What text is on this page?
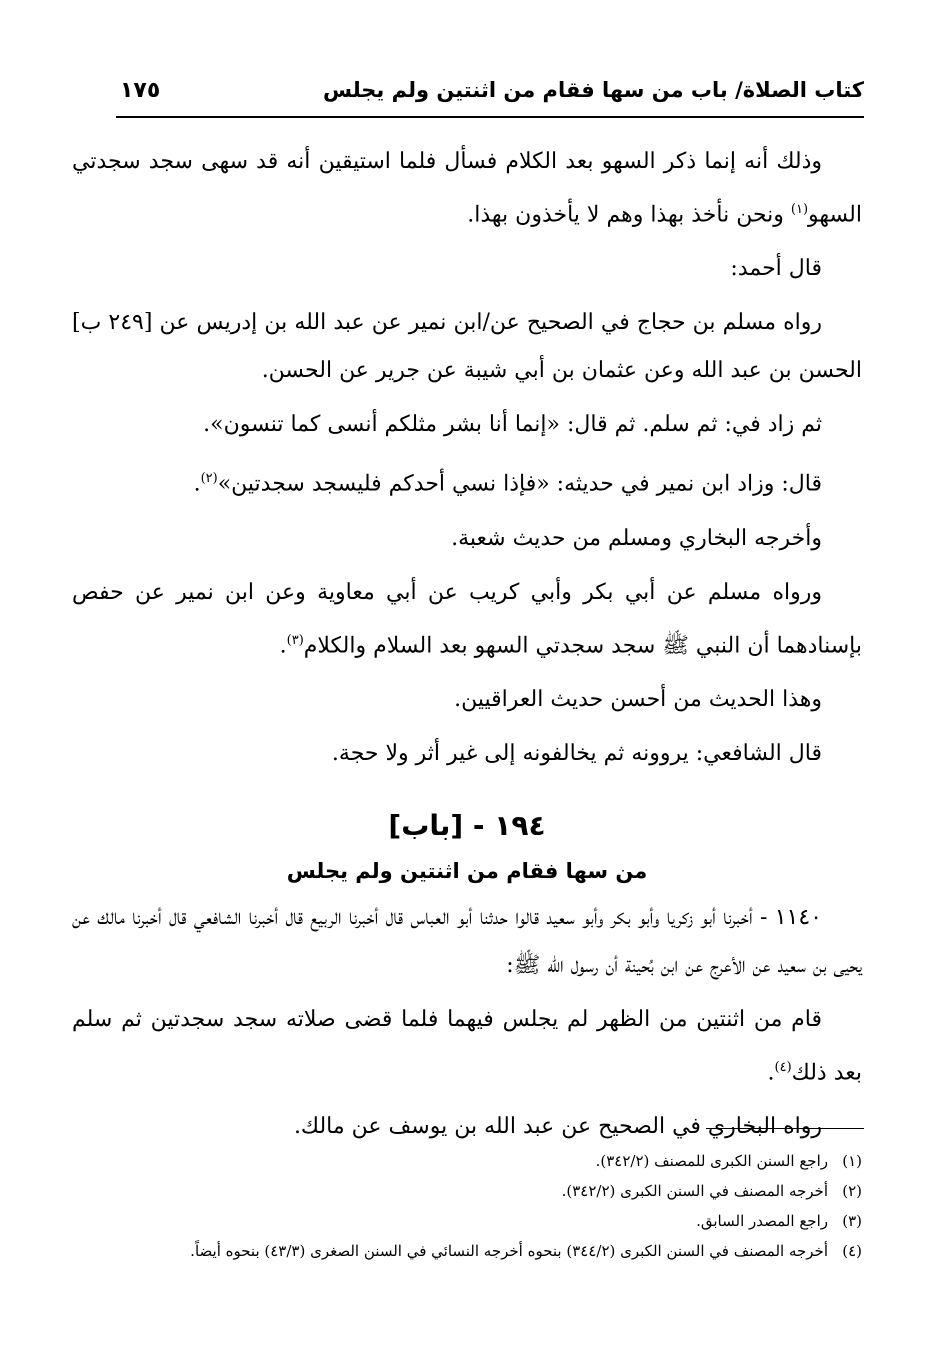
كتاب الصلاة/ باب من سها فقام من اثنتين ولم يجلس
١٧٥

وذلك أنه إنما ذكر السهو بعد الكلام فسأل فلما استيقين أنه قد سهى سجد سجدتي السهو$^{(١)}$ ونحن نأخذ بهذا وهم لا يأخذون بهذا.

قال أحمد:

رواه مسلم بن حجاج في الصحيح عن/ابن نمير عن عبد الله بن إدريس عن [٢٤٩ ب] الحسن بن عبد الله وعن عثمان بن أبي شيبة عن جرير عن الحسن.

ثم زاد في: ثم سلم. ثم قال: «إنما أنا بشر مثلكم أنسى كما تنسون».

قال: وزاد ابن نمير في حديثه: «فإذا نسي أحدكم فليسجد سجدتين»$^{(٢)}$.

وأخرجه البخاري ومسلم من حديث شعبة.

ورواه مسلم عن أبي بكر وأبي كريب عن أبي معاوية وعن ابن نمير عن حفص بإسنادهما أن النبي ﷺ سجد سجدتي السهو بعد السلام والكلام$^{(٣)}$.

وهذا الحديث من أحسن حديث العراقيين.

قال الشافعي: يروونه ثم يخالفونه إلى غير أثر ولا حجة.

١٩٤ - [باب]
من سها فقام من اثنتين ولم يجلس

١١٤٠ - أخبرنا أبو زكريا وأبو بكر وأبو سعيد قالوا حدثنا أبو العباس قال أخبرنا الربيع قال أخبرنا الشافعي قال أخبرنا مالك عن يحيى بن سعيد عن الأعرج عن ابن بُحينة أن رسول الله ﷺ:

قام من اثنتين من الظهر لم يجلس فيهما فلما قضى صلاته سجد سجدتين ثم سلم بعد ذلك$^{(٤)}$.

رواه البخاري في الصحيح عن عبد الله بن يوسف عن مالك.

(١)
راجع السنن الكبرى للمصنف (٣٤٢/٢).

(٢)
أخرجه المصنف في السنن الكبرى (٣٤٢/٢).

(٣)
راجع المصدر السابق.

(٤)
أخرجه المصنف في السنن الكبرى (٣٤٤/٢) بنحوه أخرجه النسائي في السنن الصغرى (٤٣/٣) بنحوه أيضاً.
